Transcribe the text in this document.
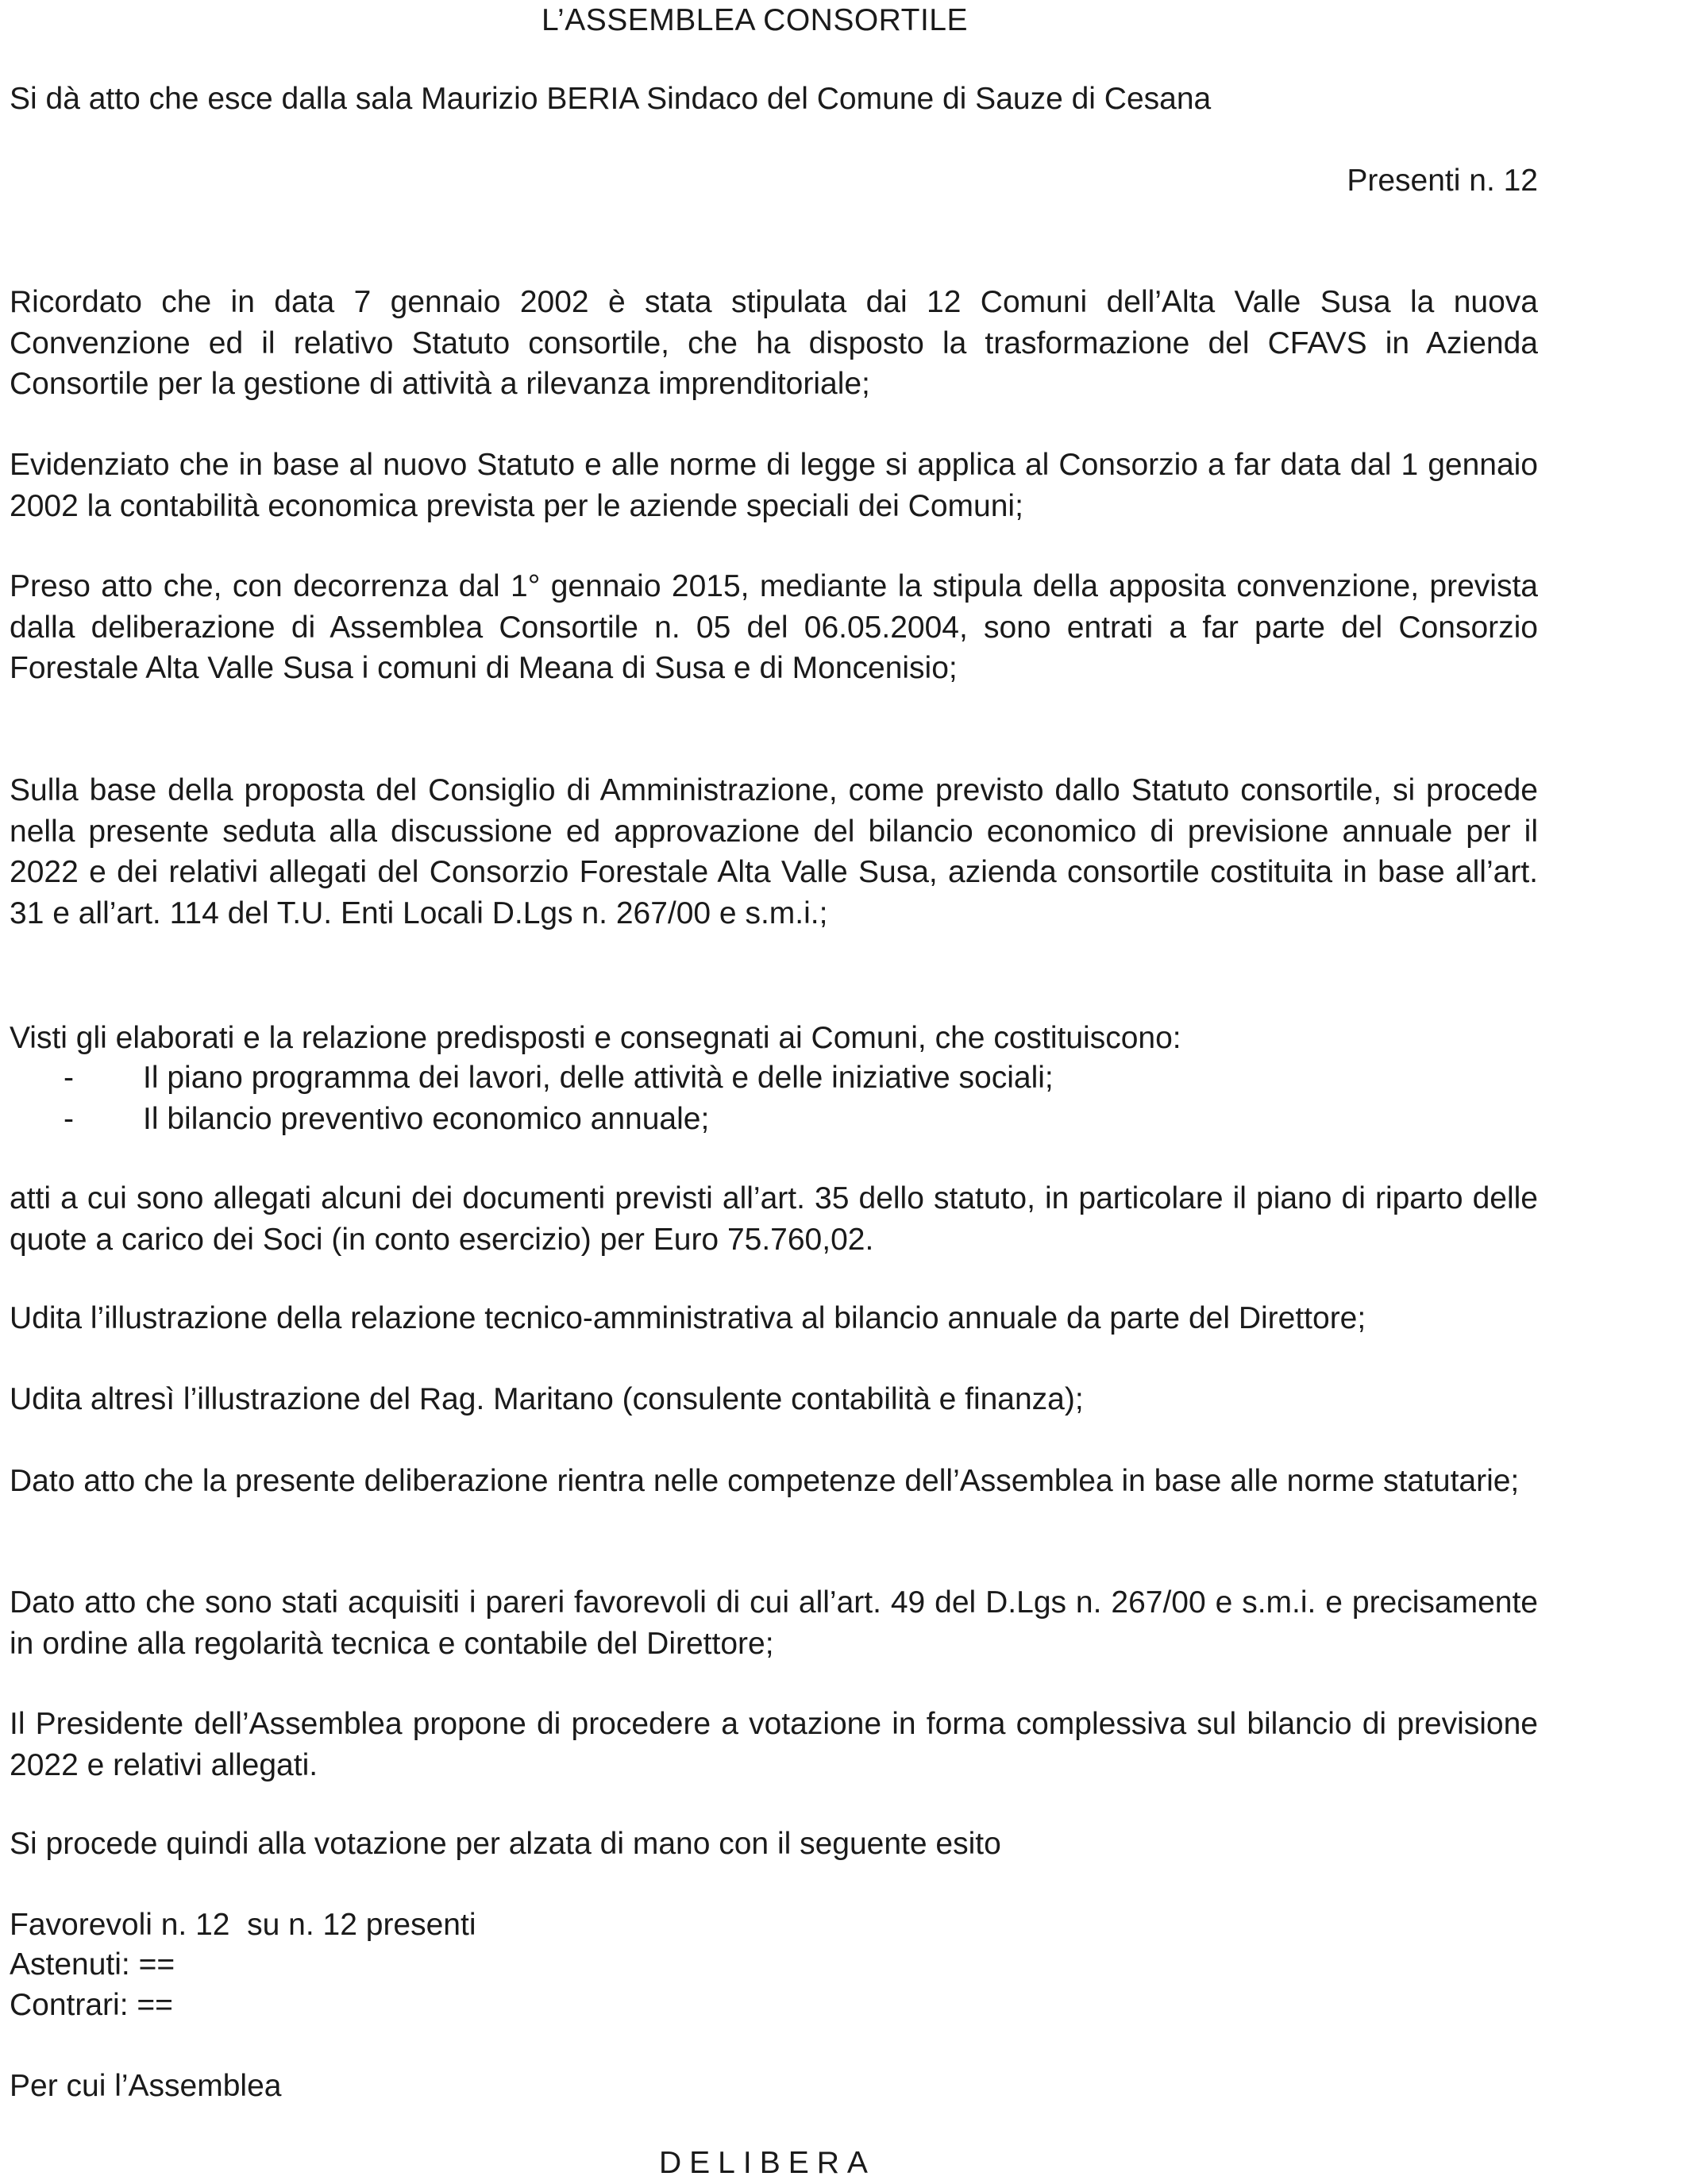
L’ASSEMBLEA CONSORTILE
Si dà atto che esce dalla sala Maurizio BERIA Sindaco del Comune di Sauze di Cesana
Presenti n. 12
Ricordato che in data 7 gennaio 2002 è stata stipulata dai 12 Comuni dell’Alta Valle Susa la nuova Convenzione ed il relativo Statuto consortile, che ha disposto la trasformazione del CFAVS in Azienda Consortile per la gestione di attività a rilevanza imprenditoriale;
Evidenziato che in base al nuovo Statuto e alle norme di legge si applica al Consorzio a far data dal 1 gennaio 2002 la contabilità economica prevista per le aziende speciali dei Comuni;
Preso atto che, con decorrenza dal 1° gennaio 2015, mediante la stipula della apposita convenzione, prevista dalla deliberazione di Assemblea Consortile n. 05 del 06.05.2004, sono entrati a far parte del Consorzio Forestale Alta Valle Susa i comuni di Meana di Susa e di Moncenisio;
Sulla base della proposta del Consiglio di Amministrazione, come previsto dallo Statuto consortile, si procede nella presente seduta alla discussione ed approvazione del bilancio economico di previsione annuale per il 2022 e dei relativi allegati del Consorzio Forestale Alta Valle Susa, azienda consortile costituita in base all’art. 31 e all’art. 114 del T.U. Enti Locali D.Lgs n. 267/00 e s.m.i.;
Visti gli elaborati e la relazione predisposti e consegnati ai Comuni, che costituiscono:
-	Il piano programma dei lavori, delle attività e delle iniziative sociali;
-	Il bilancio preventivo economico annuale;
atti a cui sono allegati alcuni dei documenti previsti all’art. 35 dello statuto, in particolare il piano di riparto delle quote a carico dei Soci (in conto esercizio) per Euro 75.760,02.
Udita l’illustrazione della relazione tecnico-amministrativa al bilancio annuale da parte del Direttore;
Udita altresì l’illustrazione del Rag. Maritano (consulente contabilità e finanza);
Dato atto che la presente deliberazione rientra nelle competenze dell’Assemblea in base alle norme statutarie;
Dato atto che sono stati acquisiti i pareri favorevoli di cui all’art. 49 del D.Lgs n. 267/00 e s.m.i. e precisamente in ordine alla regolarità tecnica e contabile del Direttore;
Il Presidente dell’Assemblea propone di procedere a votazione in forma complessiva sul bilancio di previsione 2022 e relativi allegati.
Si procede quindi alla votazione per alzata di mano con il seguente esito
Favorevoli n. 12  su n. 12 presenti
Astenuti: ==
Contrari: ==
Per cui l’Assemblea
DELIBERA
